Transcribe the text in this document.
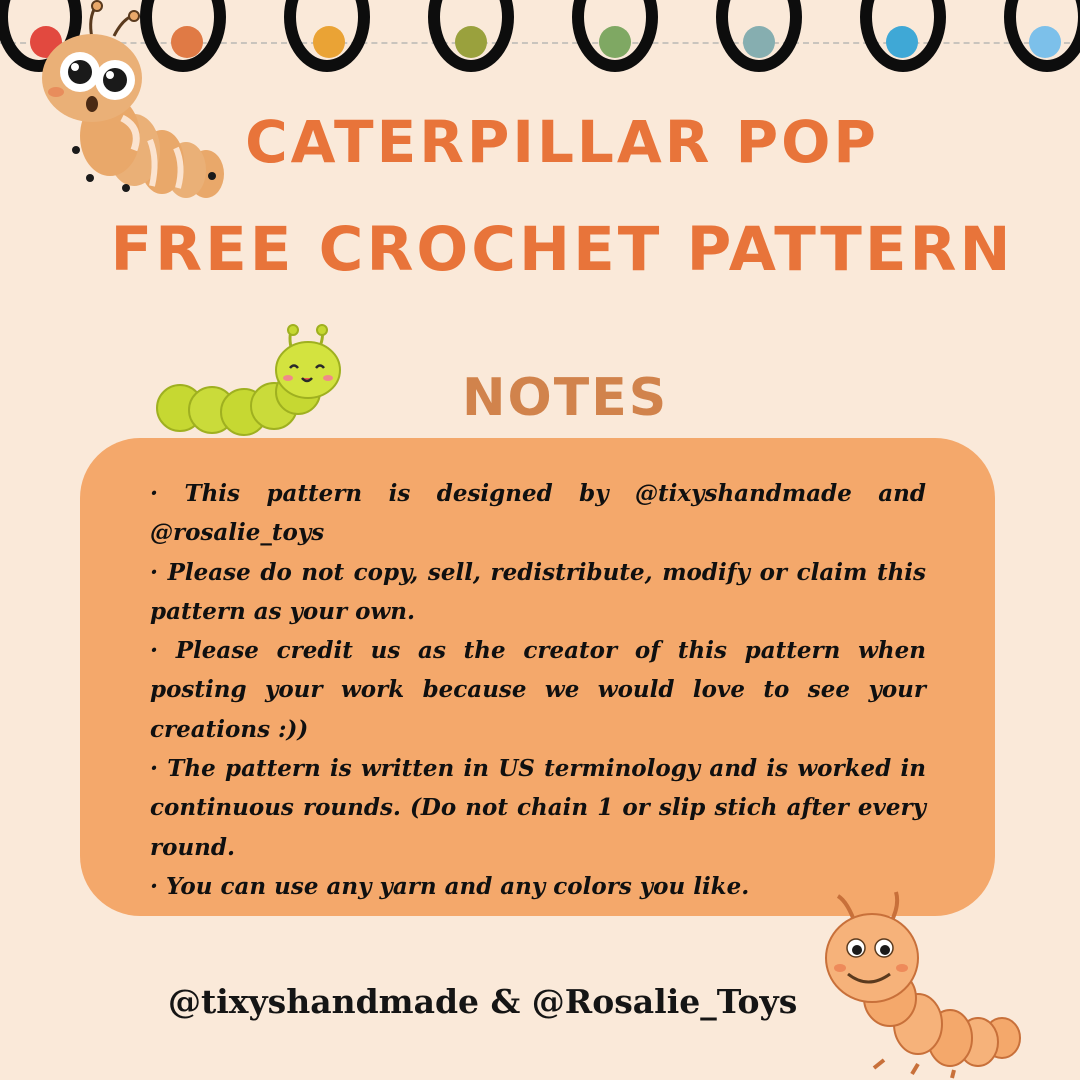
CATERPILLAR POP
FREE CROCHET PATTERN
NOTES
· This pattern is designed by @tixyshandmade and @rosalie_toys
· Please do not copy, sell, redistribute, modify or claim this pattern as your own.
· Please credit us as the creator of this pattern when posting your work because we would love to see your creations :))
· The pattern is written in US terminology and is worked in continuous rounds. (Do not chain 1 or slip stich after every round.
· You can use any yarn and any colors you like.

@tixyshandmade & @Rosalie_Toys
